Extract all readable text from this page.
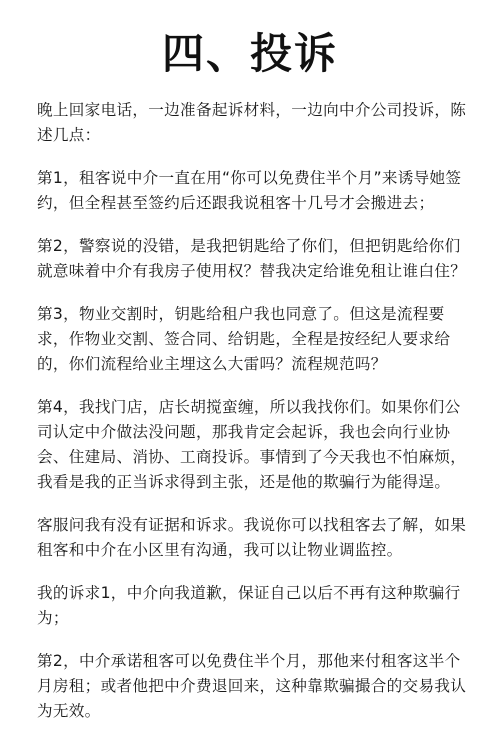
四、投诉

晚上回家电话，一边准备起诉材料，一边向中介公司投诉，陈述几点：

第1，租客说中介一直在用“你可以免费住半个月”来诱导她签约，但全程甚至签约后还跟我说租客十几号才会搬进去；

第2，警察说的没错，是我把钥匙给了你们，但把钥匙给你们就意味着中介有我房子使用权？替我决定给谁免租让谁白住？

第3，物业交割时，钥匙给租户我也同意了。但这是流程要求，作物业交割、签合同、给钥匙，全程是按经纪人要求给的，你们流程给业主埋这么大雷吗？流程规范吗？

第4，我找门店，店长胡搅蛮缠，所以我找你们。如果你们公司认定中介做法没问题，那我肯定会起诉，我也会向行业协会、住建局、消协、工商投诉。事情到了今天我也不怕麻烦，我看是我的正当诉求得到主张，还是他的欺骗行为能得逞。

客服问我有没有证据和诉求。我说你可以找租客去了解，如果租客和中介在小区里有沟通，我可以让物业调监控。

我的诉求1，中介向我道歉，保证自己以后不再有这种欺骗行为；

第2，中介承诺租客可以免费住半个月，那他来付租客这半个月房租；或者他把中介费退回来，这种靠欺骗撮合的交易我认为无效。
